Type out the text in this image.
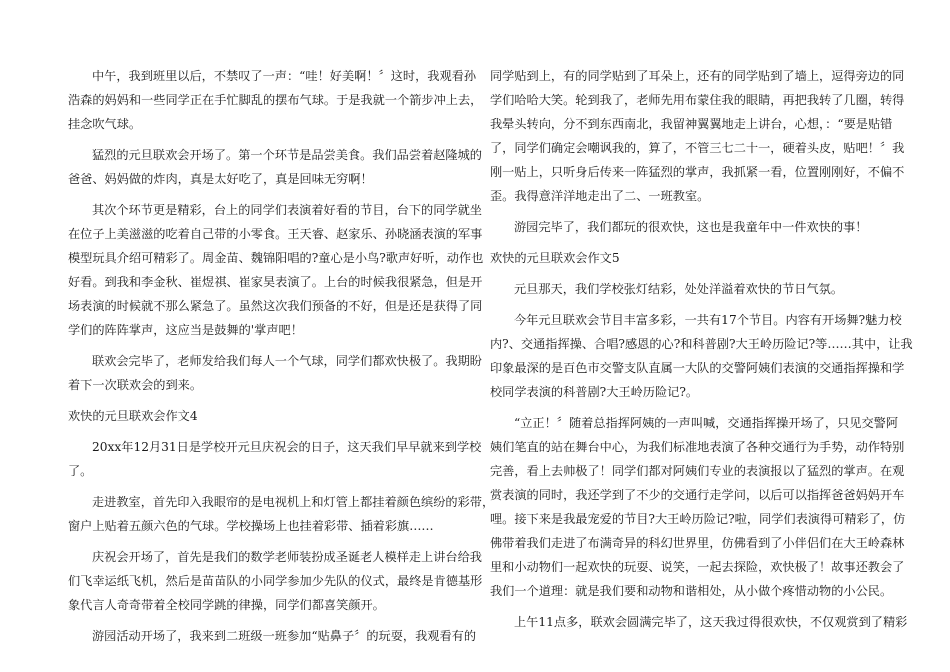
中午，我到班里以后，不禁叹了一声：“哇！好美啊！〞这时，我观看孙
浩森的妈妈和一些同学正在手忙脚乱的摆布气球。于是我就一个箭步冲上去，
挂念吹气球。
猛烈的元旦联欢会开场了。第一个环节是品尝美食。我们品尝着赵隆城的
爸爸、妈妈做的炸肉，真是太好吃了，真是回味无穷啊！
其次个环节更是精彩，台上的同学们表演着好看的节目，台下的同学就坐
在位子上美滋滋的吃着自己带的小零食。王天睿、赵家乐、孙晓涵表演的军事
模型玩具介绍可精彩了。周金苗、魏锦阳唱的?童心是小鸟?歌声好听，动作也
好看。到我和李金秋、崔煜祺、崔家昊表演了。上台的时候我很紧急，但是开
场表演的时候就不那么紧急了。虽然这次我们预备的不好，但是还是获得了同
学们的阵阵掌声，这应当是鼓舞的'掌声吧！
联欢会完毕了，老师发给我们每人一个气球，同学们都欢快极了。我期盼
着下一次联欢会的到来。
欢快的元旦联欢会作文4
20xx年12月31日是学校开元旦庆祝会的日子，这天我们早早就来到学校
了。
走进教室，首先印入我眼帘的是电视机上和灯管上都挂着颜色缤纷的彩带，
窗户上贴着五颜六色的气球。学校操场上也挂着彩带、插着彩旗……
庆祝会开场了，首先是我们的数学老师装扮成圣诞老人模样走上讲台给我
们飞幸运纸飞机，然后是苗苗队的小同学参加少先队的仪式，最终是肯德基形
象代言人奇奇带着全校同学跳的律操，同学们都喜笑颜开。
游园活动开场了，我来到二班级一班参加“贴鼻子〞的玩耍，我观看有的
同学贴到上，有的同学贴到了耳朵上，还有的同学贴到了墙上，逗得旁边的同
学们哈哈大笑。轮到我了，老师先用布蒙住我的眼睛，再把我转了几圈，转得
我晕头转向，分不到东西南北，我留神翼翼地走上讲台，心想，：“要是贴错
了，同学们确定会嘲讽我的，算了，不管三七二十一，硬着头皮，贴吧！〞我
刚一贴上，只听身后传来一阵猛烈的掌声，我抓紧一看，位置刚刚好，不偏不
歪。我得意洋洋地走出了二、一班教室。
游园完毕了，我们都玩的很欢快，这也是我童年中一件欢快的事！
欢快的元旦联欢会作文5
元旦那天，我们学校张灯结彩，处处洋溢着欢快的节日气氛。
今年元旦联欢会节目丰富多彩，一共有17个节目。内容有开场舞?魅力校
内?、交通指挥操、合唱?感恩的心?和科普剧?大王岭历险记?等……其中，让我
印象最深的是百色市交警支队直属一大队的交警阿姨们表演的交通指挥操和学
校同学表演的科普剧?大王岭历险记?。
“立正！〞随着总指挥阿姨的一声叫喊，交通指挥操开场了，只见交警阿
姨们笔直的站在舞台中心，为我们标准地表演了各种交通行为手势，动作特别
完善，看上去帅极了！同学们都对阿姨们专业的表演报以了猛烈的掌声。在观
赏表演的同时，我还学到了不少的交通行走学问，以后可以指挥爸爸妈妈开车
哩。接下来是我最宠爱的节目?大王岭历险记?啦，同学们表演得可精彩了，仿
佛带着我们走进了布满奇异的科幻世界里，仿佛看到了小伴侣们在大王岭森林
里和小动物们一起欢快的玩耍、说笑，一起去探险，欢快极了！故事还教会了
我们一个道理：就是我们要和动物和谐相处，从小做个疼惜动物的小公民。
上午11点多，联欢会圆满完毕了，这天我过得很欢快，不仅观赏到了精彩
